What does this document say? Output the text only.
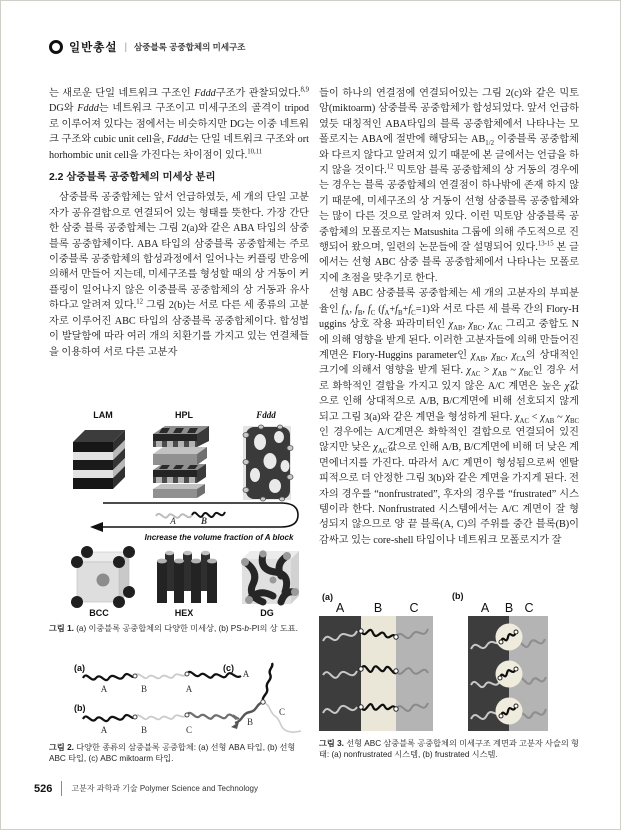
일반총설 | 삼중블록 공중합체의 미세구조

는 새로운 단일 네트워크 구조인 Fddd구조가 관찰되었다.$^{8,9}$ DG와 Fddd는 네트워크 구조이고 미세구조의 골격이 tripod로 이루어져 있다는 점에서는 비슷하지만 DG는 이중 네트워크 구조와 cubic unit cell을, Fddd는 단일 네트워크 구조와 orthorhombic unit cell을 가진다는 차이점이 있다.$^{10,11}$

2.2 삼중블록 공중합체의 미세상 분리

삼중블록 공중합체는 앞서 언급하였듯, 세 개의 단일 고분자가 공유결합으로 연결되어 있는 형태를 뜻한다. 가장 간단한 삼중 블록 공중합체는 그림 2(a)와 같은 ABA 타입의 삼중블록 공중합체이다. ABA 타입의 삼중블록 공중합체는 주로 이중블록 공중합체의 합성과정에서 일어나는 커플링 반응에 의해서 만들어 지는데, 미세구조를 형성할 때의 상 거동이 커플링이 일어나지 않은 이중블록 공중합체의 상 거동과 유사하다고 알려져 있다.$^{12}$ 그림 2(b)는 서로 다른 세 종류의 고분자로 이루어진 ABC 타입의 삼중블록 공중합체이다. 합성법이 발달함에 따라 여러 개의 치환기를 가지고 있는 연결체들을 이용하여 서로 다른 고분자

들이 하나의 연결점에 연결되어있는 그림 2(c)와 같은 믹토암(miktoarm) 삼중블록 공중합체가 합성되었다. 앞서 언급하였듯 대칭적인 ABA타입의 블록 공중합체에서 나타나는 모폴로지는 ABA에 절반에 해당되는 $AB_{1/2}$ 이중블록 공중합체와 다르지 않다고 알려져 있기 때문에 본 글에서는 언급을 하지 않을 것이다.$^{12}$ 믹토암 블록 공중합체의 상 거동의 경우에는 경우는 블록 공중합체의 연결점이 하나밖에 존재 하지 않기 때문에, 미세구조의 상 거동이 선형 삼중블록 공중합체와는 많이 다른 것으로 알려져 있다. 이런 믹토암 삼중블록 공중합체의 모폴로지는 Matsushita 그룹에 의해 주도적으로 진행되어 왔으며, 일련의 논문들에 잘 설명되어 있다.$^{13-15}$ 본 글에서는 선형 ABC 삼중 블록 공중합체에서 나타나는 모폴로지에 초점을 맞추기로 한다.

선형 ABC 삼중블록 공중합체는 세 개의 고분자의 부피분율인 $f_A$, $f_B$, $f_C$ $(f_A+f_B+f_C=1)$와 서로 다른 세 블록 간의 Flory-Huggins 상호 작용 파라미터인 $\chi_{AB}$, $\chi_{BC}$, $\chi_{AC}$ 그리고 중합도 N에 의해 영향을 받게 된다. 이러한 고분자들에 의해 만들어진 계면은 Flory-Huggins parameter인 $\chi_{AB}$, $\chi_{BC}$, $\chi_{CA}$의 상대적인 크기에 의해서 영향을 받게 된다. $\chi_{AC} > \chi_{AB}$ ~ $\chi_{BC}$인 경우 서로 화학적인 결합을 가지고 있지 않은 A/C 계면은 높은 χ값으로 인해 상대적으로 A/B, B/C계면에 비해 선호되지 않게 되고 그림 3(a)와 같은 계면을 형성하게 된다. $\chi_{AC} < \chi_{AB}$ ~ $\chi_{BC}$인 경우에는 A/C계면은 화학적인 결합으로 연결되어 있진 않지만 낮은 $\chi_{AC}$값으로 인해 A/B, B/C계면에 비해 더 낮은 계면에너지를 가진다. 따라서 A/C 계면이 형성됨으로써 엔탈피적으로 더 안정한 그림 3(b)와 같은 계면을 가지게 된다. 전자의 경우를 “nonfrustrated”, 후자의 경우를 “frustrated” 시스템이라 한다. Nonfrustrated 시스템에서는 A/C 계면이 잘 형성되지 않으므로 양 끝 블록(A, C)의 주위를 중간 블록(B)이 감싸고 있는 core-shell 타입이나 네트워크 모폴로지가 잘

LAM	HPL	Fddd
A	B
Increase the volume fraction of A block
BCC	HEX	DG
그림 1. (a) 이중블록 공중합체의 다양한 미세상, (b) PS-b-PI의 상 도표.
(a)
A	B	A
(b)
A	B	C
(c)
A
B
C
그림 2. 다양한 종류의 삼중블록 공중합체: (a) 선형 ABA 타입, (b) 선형 ABC 타입, (c) ABC miktoarm 타입.
(a)
A B C
(b)
A B C
그림 3. 선형 ABC 삼중블록 공중합체의 미세구조 계면과 고분자 사슬의 형태: (a) nonfrustrated 시스템, (b) frustrated 시스템.
526 고분자 과학과 기술 Polymer Science and Technology
